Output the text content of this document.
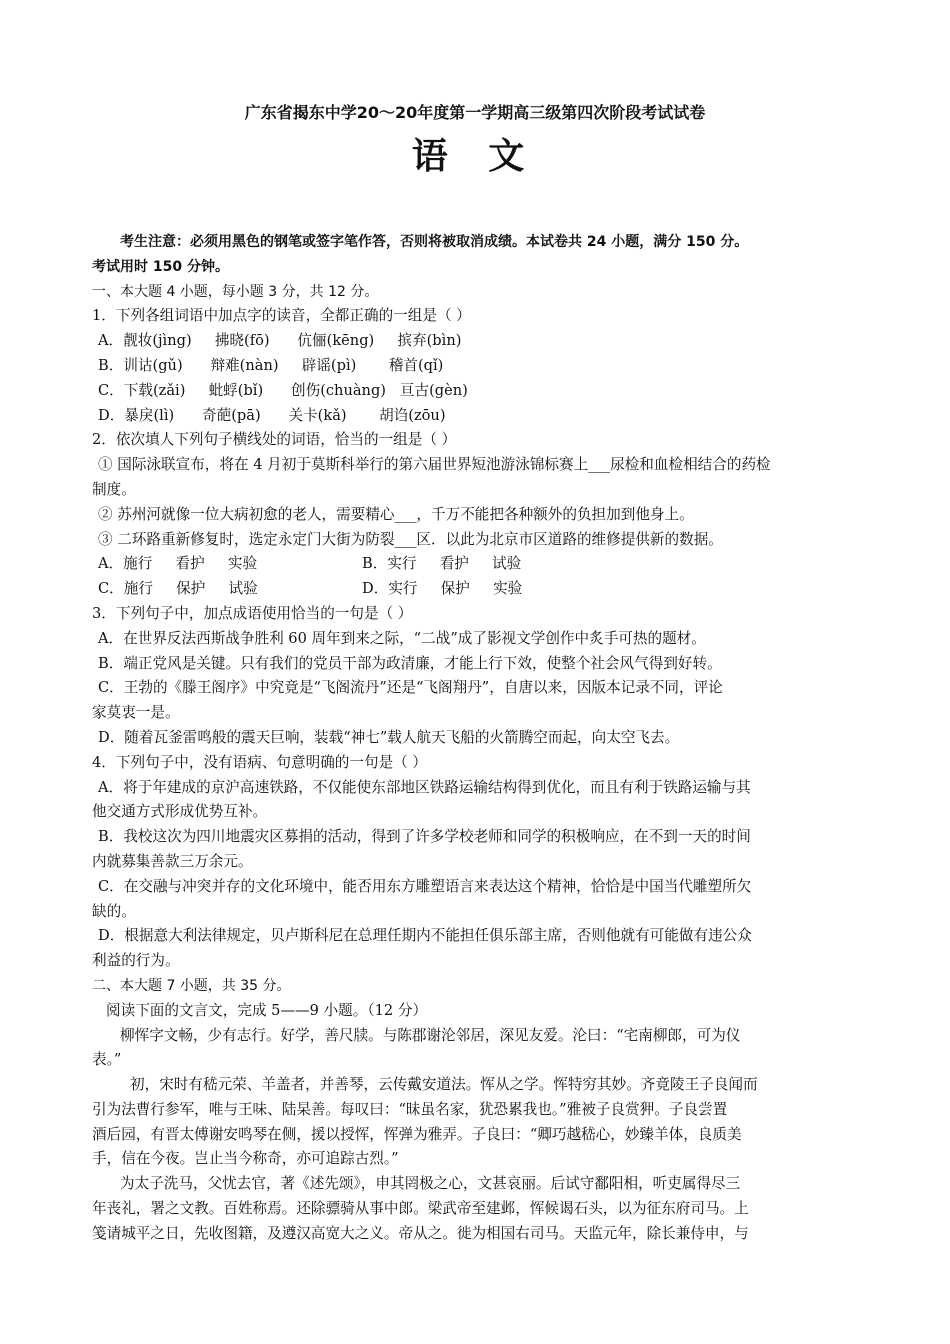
广东省揭东中学20～20年度第一学期高三级第四次阶段考试试卷
语 文

考生注意：必须用黑色的钢笔或签字笔作答，否则将被取消成绩。本试卷共 24 小题，满分 150 分。

考试用时 150 分钟。

一、本大题 4 小题，每小题 3 分，共 12 分。

1．下列各组词语中加点字的读音，全都正确的一组是（ ）

A．靓妆(jìng)     拂晓(fō)      伉俪(kēng)     摈弃(bìn)

B．训诂(gǔ)      辩难(nàn)     辟谣(pì)       稽首(qǐ)

C．下载(zǎi)     蚍蜉(bǐ)      创伤(chuàng)   亘古(gèn)

D．暴戾(lì)      奇葩(pā)      关卡(kǎ)       胡诌(zōu)

2．依次填人下列句子横线处的词语，恰当的一组是（ ）

① 国际泳联宣布，将在 4 月初于莫斯科举行的第六届世界短池游泳锦标赛上___尿检和血检相结合的药检

制度。

② 苏州河就像一位大病初愈的老人，需要精心___，千万不能把各种额外的负担加到他身上。

③ 二环路重新修复时，选定永定门大街为防裂___区．以此为北京市区道路的维修提供新的数据。

A．施行     看护     实验	B．实行     看护     试验

C．施行     保护     试验	D．实行     保护     实验

3．下列句子中，加点成语使用恰当的一句是（ ）

A．在世界反法西斯战争胜利 60 周年到来之际，“二战”成了影视文学创作中炙手可热的题材。

B．端正党风是关键。只有我们的党员干部为政清廉，才能上行下效，使整个社会风气得到好转。

C．王勃的《滕王阁序》中究竟是“飞阁流丹”还是“飞阁翔丹”，自唐以来，因版本记录不同，评论

家莫衷一是。

D．随着瓦釜雷鸣般的震天巨响，装载“神七”载人航天飞船的火箭腾空而起，向太空飞去。

4．下列句子中，没有语病、句意明确的一句是（ ）

A．将于年建成的京沪高速铁路，不仅能使东部地区铁路运输结构得到优化，而且有利于铁路运输与其

他交通方式形成优势互补。

B．我校这次为四川地震灾区募捐的活动，得到了许多学校老师和同学的积极响应，在不到一天的时间

内就募集善款三万余元。

C．在交融与冲突并存的文化环境中，能否用东方雕塑语言来表达这个精神，恰恰是中国当代雕塑所欠

缺的。

D．根据意大利法律规定，贝卢斯科尼在总理任期内不能担任俱乐部主席，否则他就有可能做有违公众

利益的行为。

二、本大题 7 小题，共 35 分。

阅读下面的文言文，完成 5——9 小题。（12 分）

柳恽字文畅，少有志行。好学，善尺牍。与陈郡谢沦邻居，深见友爱。沦曰：“宅南柳郎，可为仪

表。”

初，宋时有嵇元荣、羊盖者，并善琴，云传戴安道法。恽从之学。恽特穷其妙。齐竟陵王子良闻而

引为法曹行参军，唯与王味、陆杲善。每叹曰：“昧虽名家，犹恐累我也。”雅被子良赏狎。子良尝置

酒后园，有晋太傅谢安鸣琴在侧，援以授恽，恽弹为雅弄。子良曰：“卿巧越嵇心，妙臻羊体，良质美

手，信在今夜。岂止当今称奇，亦可追踪古烈。”

为太子洗马，父忧去官，著《述先颂》，申其罔极之心，文甚哀丽。后试守鄱阳相，听吏属得尽三

年丧礼，署之文教。百姓称焉。还除骠骑从事中郎。梁武帝至建邺，恽候谒石头，以为征东府司马。上

笺请城平之日，先收图籍，及遵汉高宽大之义。帝从之。徙为相国右司马。天监元年，除长兼侍申，与
